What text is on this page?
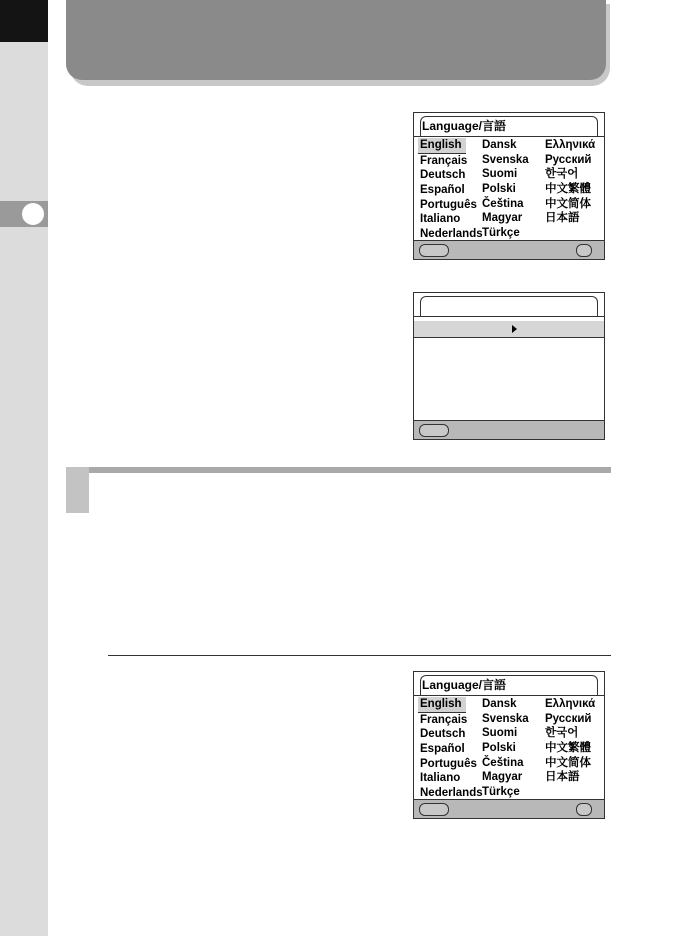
Language/言語
English
Français
Deutsch
Español
Português
Italiano
Nederlands
Dansk
Svenska
Suomi
Polski
Čeština
Magyar
Türkçe
Ελληνικά
Русский
한국어
中文繁體
中文简体
日本語
Language/言語
English
Français
Deutsch
Español
Português
Italiano
Nederlands
Dansk
Svenska
Suomi
Polski
Čeština
Magyar
Türkçe
Ελληνικά
Русский
한국어
中文繁體
中文简体
日本語
